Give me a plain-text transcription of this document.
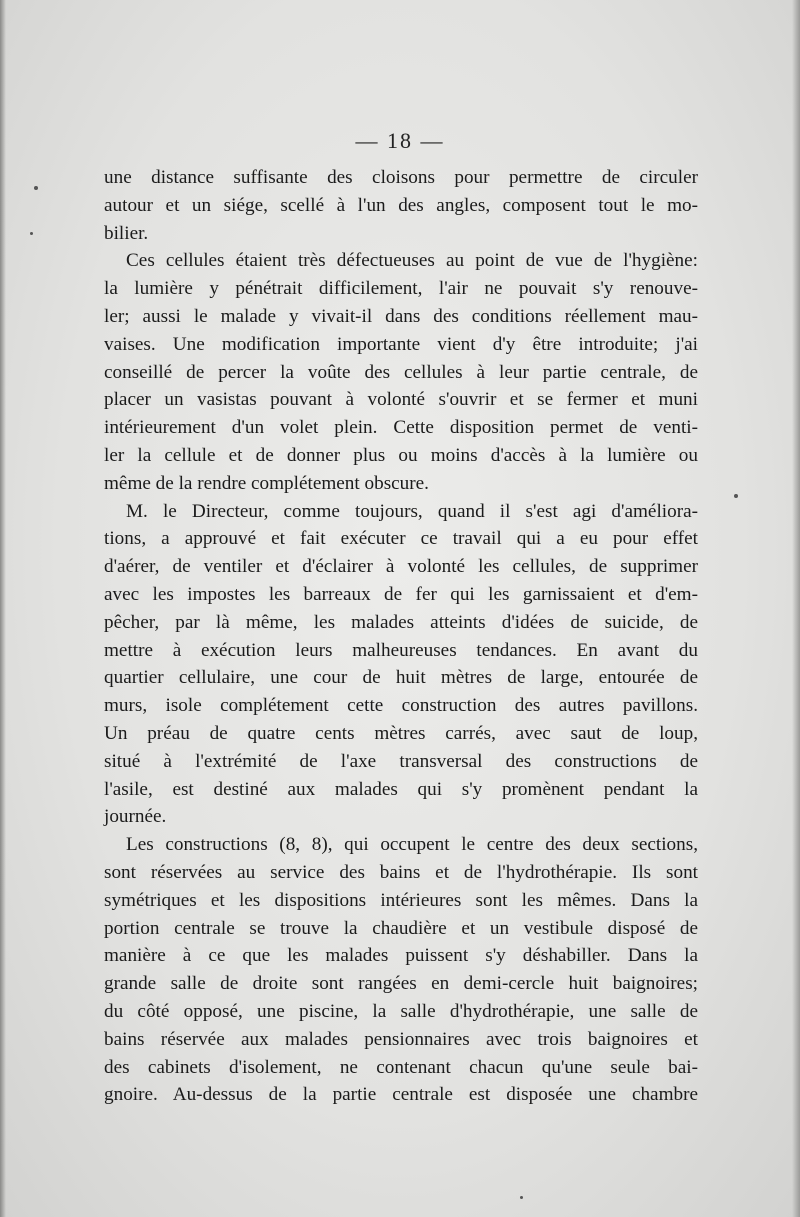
— 18 —
une distance suffisante des cloisons pour permettre de circuler
autour et un siége, scellé à l'un des angles, composent tout le mo-
bilier.
Ces cellules étaient très défectueuses au point de vue de l'hygiène:
la lumière y pénétrait difficilement, l'air ne pouvait s'y renouve-
ler; aussi le malade y vivait-il dans des conditions réellement mau-
vaises. Une modification importante vient d'y être introduite; j'ai
conseillé de percer la voûte des cellules à leur partie centrale, de
placer un vasistas pouvant à volonté s'ouvrir et se fermer et muni
intérieurement d'un volet plein. Cette disposition permet de venti-
ler la cellule et de donner plus ou moins d'accès à la lumière ou
même de la rendre complétement obscure.
M. le Directeur, comme toujours, quand il s'est agi d'améliora-
tions, a approuvé et fait exécuter ce travail qui a eu pour effet
d'aérer, de ventiler et d'éclairer à volonté les cellules, de supprimer
avec les impostes les barreaux de fer qui les garnissaient et d'em-
pêcher, par là même, les malades atteints d'idées de suicide, de
mettre à exécution leurs malheureuses tendances. En avant du
quartier cellulaire, une cour de huit mètres de large, entourée de
murs, isole complétement cette construction des autres pavillons.
Un préau de quatre cents mètres carrés, avec saut de loup,
situé à l'extrémité de l'axe transversal des constructions de
l'asile, est destiné aux malades qui s'y promènent pendant la
journée.
Les constructions (8, 8), qui occupent le centre des deux sections,
sont réservées au service des bains et de l'hydrothérapie. Ils sont
symétriques et les dispositions intérieures sont les mêmes. Dans la
portion centrale se trouve la chaudière et un vestibule disposé de
manière à ce que les malades puissent s'y déshabiller. Dans la
grande salle de droite sont rangées en demi-cercle huit baignoires;
du côté opposé, une piscine, la salle d'hydrothérapie, une salle de
bains réservée aux malades pensionnaires avec trois baignoires et
des cabinets d'isolement, ne contenant chacun qu'une seule bai-
gnoire. Au-dessus de la partie centrale est disposée une chambre
